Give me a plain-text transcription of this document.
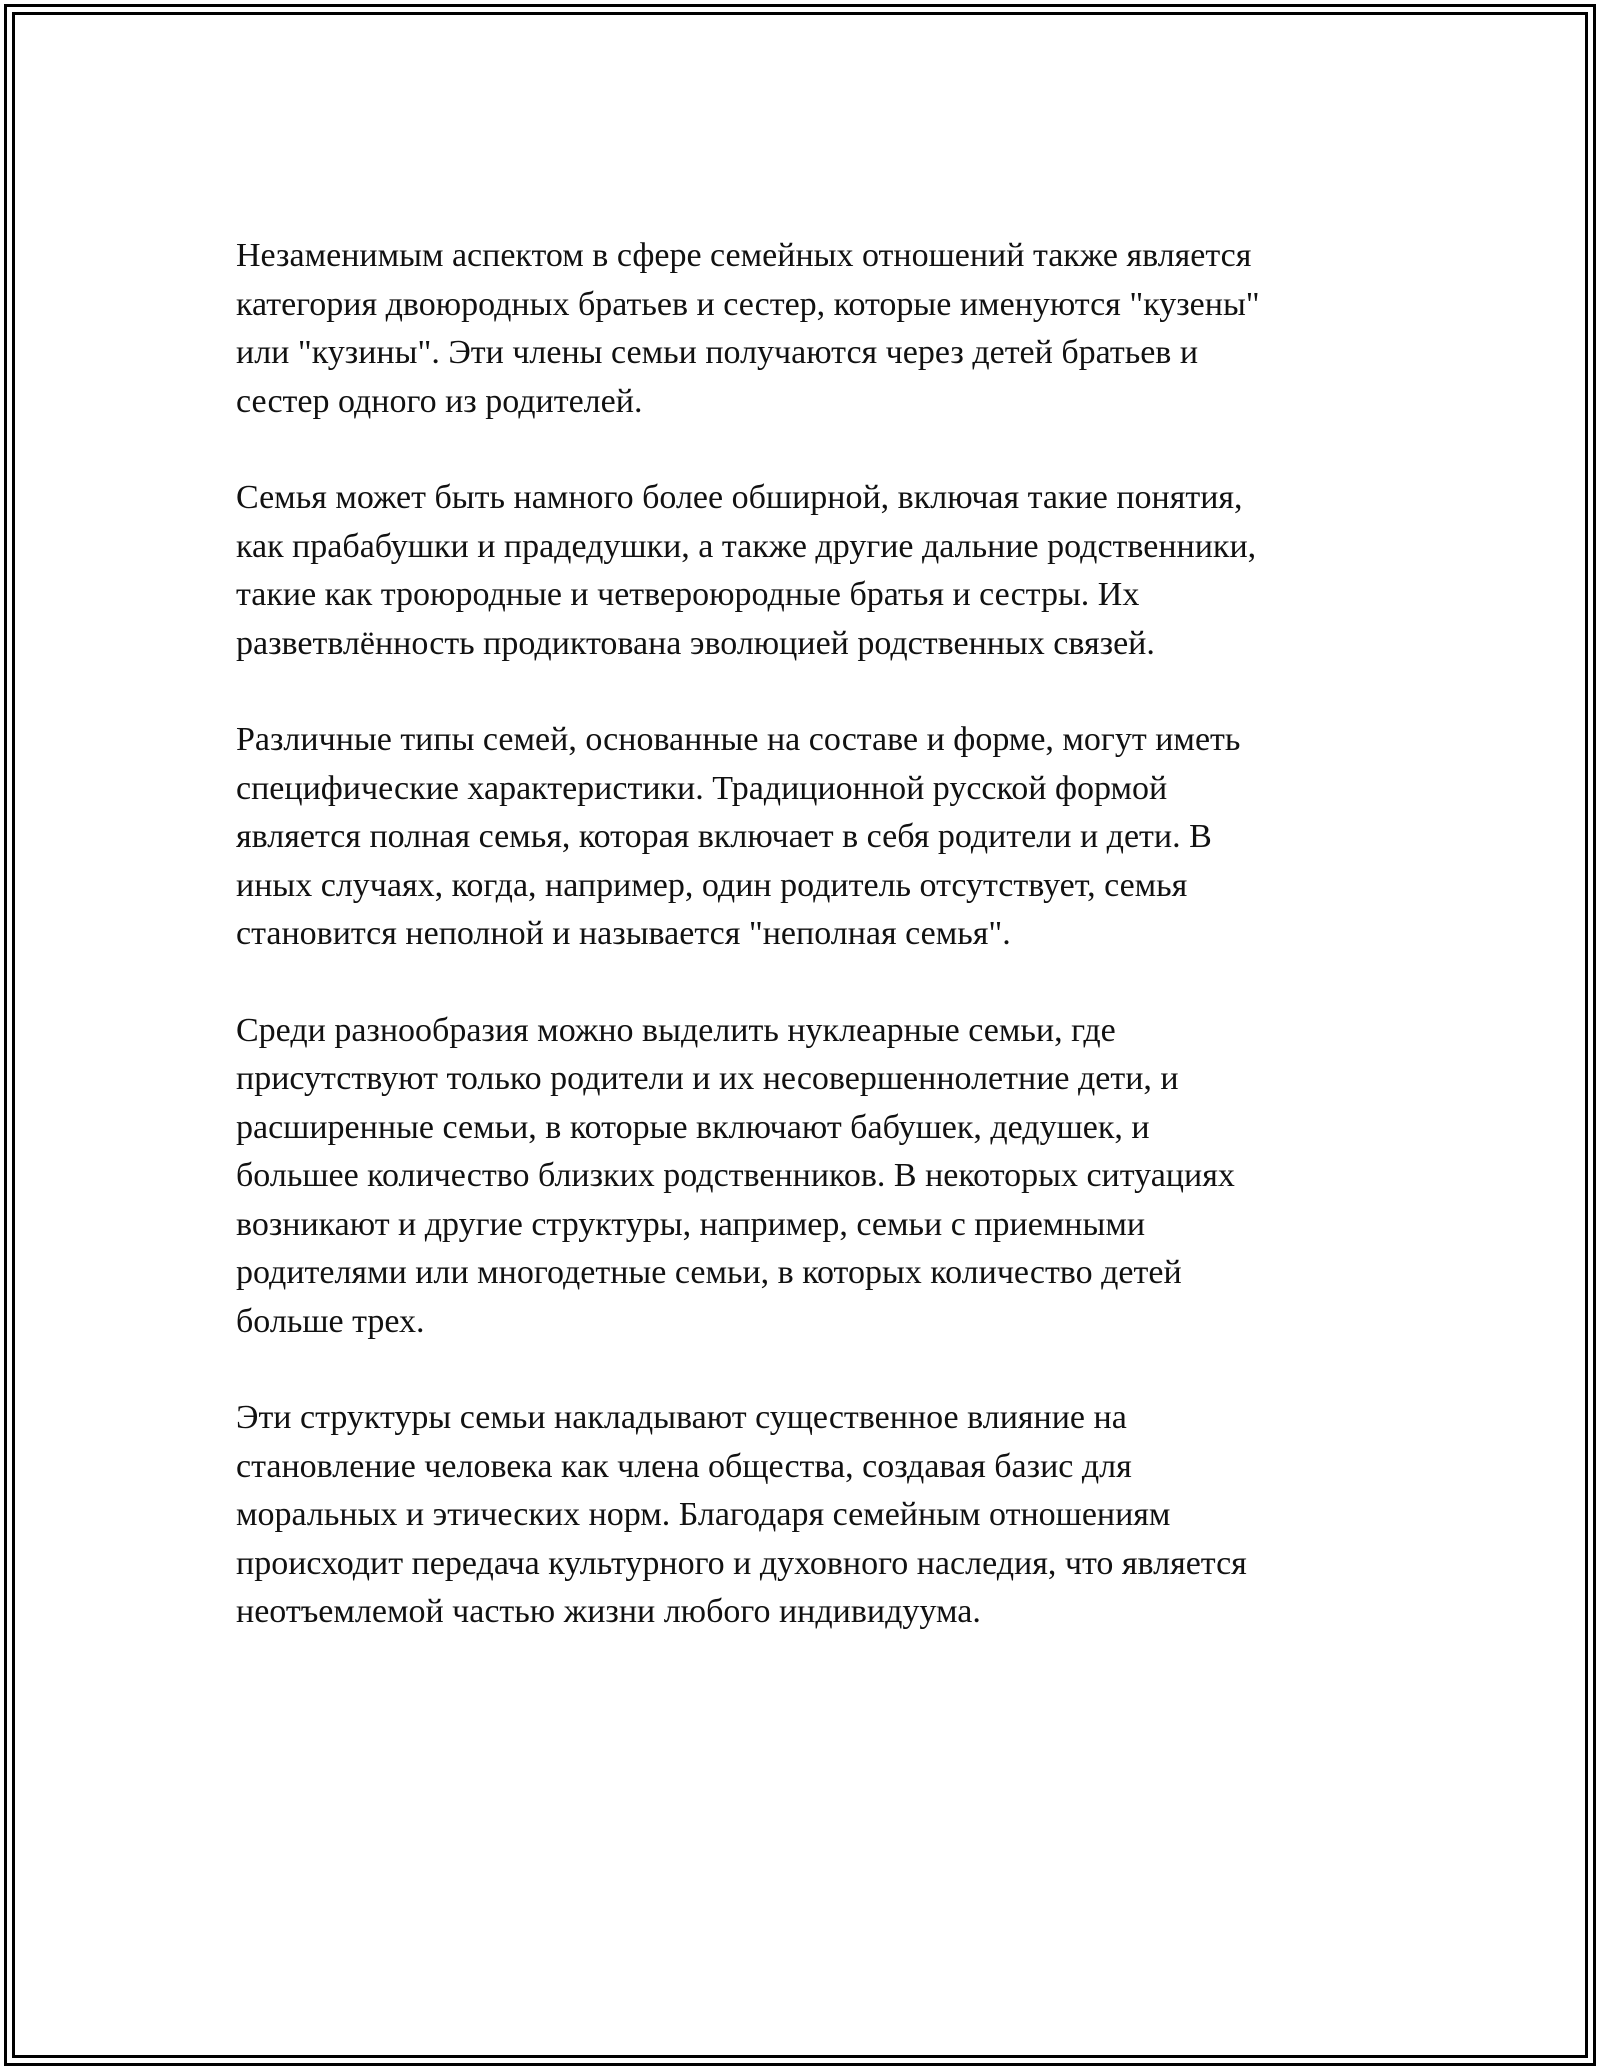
Незаменимым аспектом в сфере семейных отношений также является
категория двоюродных братьев и сестер, которые именуются "кузены"
или "кузины". Эти члены семьи получаются через детей братьев и
сестер одного из родителей.

Семья может быть намного более обширной, включая такие понятия,
как прабабушки и прадедушки, а также другие дальние родственники,
такие как троюродные и четвероюродные братья и сестры. Их
разветвлённость продиктована эволюцией родственных связей.

Различные типы семей, основанные на составе и форме, могут иметь
специфические характеристики. Традиционной русской формой
является полная семья, которая включает в себя родители и дети. В
иных случаях, когда, например, один родитель отсутствует, семья
становится неполной и называется "неполная семья".

Среди разнообразия можно выделить нуклеарные семьи, где
присутствуют только родители и их несовершеннолетние дети, и
расширенные семьи, в которые включают бабушек, дедушек, и
большее количество близких родственников. В некоторых ситуациях
возникают и другие структуры, например, семьи с приемными
родителями или многодетные семьи, в которых количество детей
больше трех.

Эти структуры семьи накладывают существенное влияние на
становление человека как члена общества, создавая базис для
моральных и этических норм. Благодаря семейным отношениям
происходит передача культурного и духовного наследия, что является
неотъемлемой частью жизни любого индивидуума.
